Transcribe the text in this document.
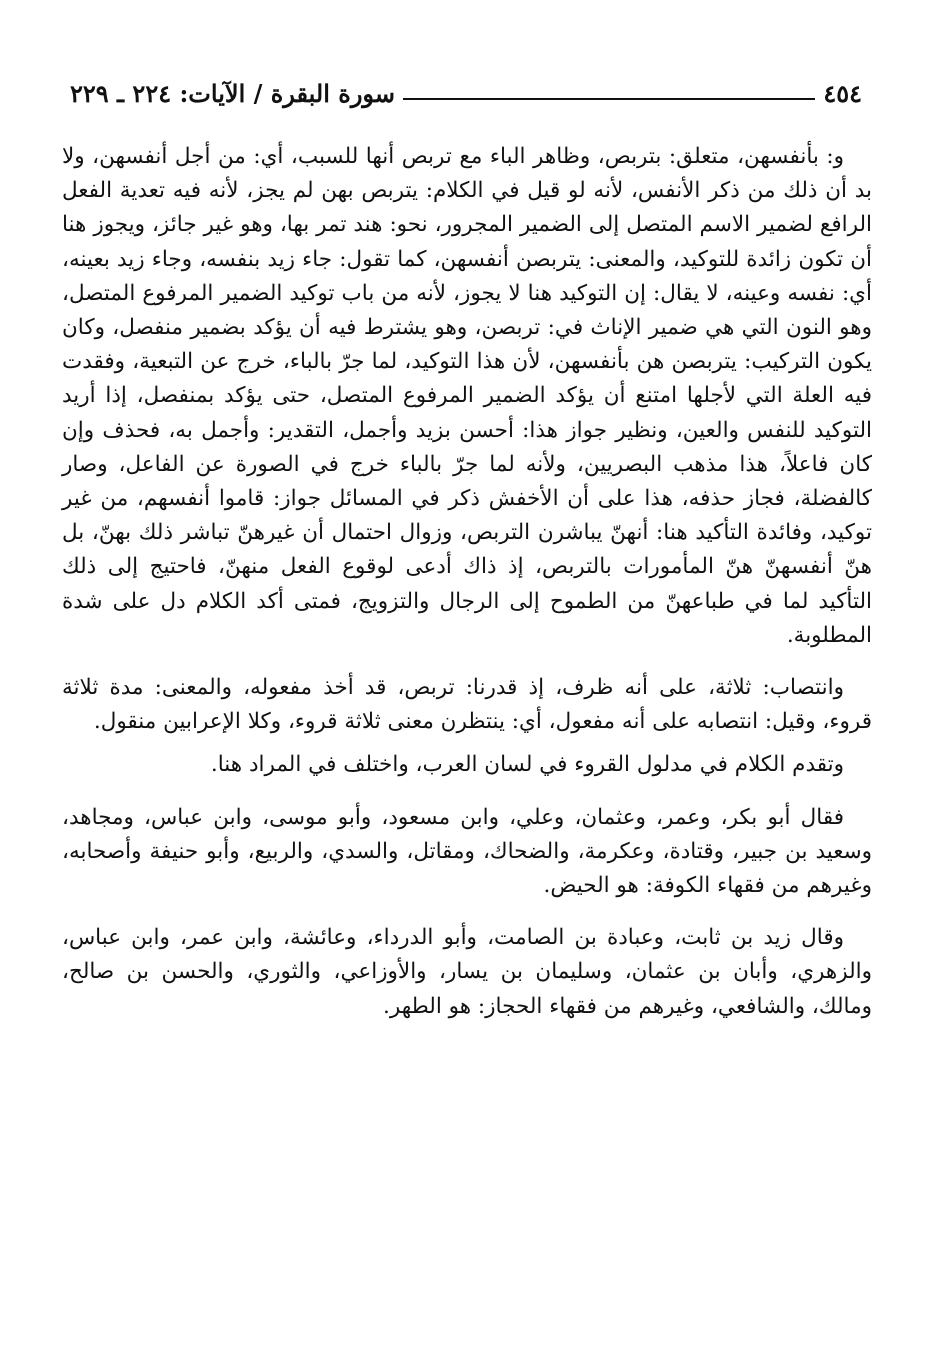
٤٥٤
سورة البقرة / الآيات: ٢٢٤ ـ ٢٢٩

و: بأنفسهن، متعلق: بتربص، وظاهر الباء مع تربص أنها للسبب، أي: من أجل أنفسهن، ولا بد أن ذلك من ذكر الأنفس، لأنه لو قيل في الكلام: يتربص بهن لم يجز، لأنه فيه تعدية الفعل الرافع لضمير الاسم المتصل إلى الضمير المجرور، نحو: هند تمر بها، وهو غير جائز، ويجوز هنا أن تكون زائدة للتوكيد، والمعنى: يتربصن أنفسهن، كما تقول: جاء زيد بنفسه، وجاء زيد بعينه، أي: نفسه وعينه، لا يقال: إن التوكيد هنا لا يجوز، لأنه من باب توكيد الضمير المرفوع المتصل، وهو النون التي هي ضمير الإناث في: تربصن، وهو يشترط فيه أن يؤكد بضمير منفصل، وكان يكون التركيب: يتربصن هن بأنفسهن، لأن هذا التوكيد، لما جرّ بالباء، خرج عن التبعية، وفقدت فيه العلة التي لأجلها امتنع أن يؤكد الضمير المرفوع المتصل، حتى يؤكد بمنفصل، إذا أريد التوكيد للنفس والعين، ونظير جواز هذا: أحسن بزيد وأجمل، التقدير: وأجمل به، فحذف وإن كان فاعلاً، هذا مذهب البصريين، ولأنه لما جرّ بالباء خرج في الصورة عن الفاعل، وصار كالفضلة، فجاز حذفه، هذا على أن الأخفش ذكر في المسائل جواز: قاموا أنفسهم، من غير توكيد، وفائدة التأكيد هنا: أنهنّ يباشرن التربص، وزوال احتمال أن غيرهنّ تباشر ذلك بهنّ، بل هنّ أنفسهنّ هنّ المأمورات بالتربص، إذ ذاك أدعى لوقوع الفعل منهنّ، فاحتيج إلى ذلك التأكيد لما في طباعهنّ من الطموح إلى الرجال والتزويج، فمتى أكد الكلام دل على شدة المطلوبة.

وانتصاب: ثلاثة، على أنه ظرف، إذ قدرنا: تربص، قد أخذ مفعوله، والمعنى: مدة ثلاثة قروء، وقيل: انتصابه على أنه مفعول، أي: ينتظرن معنى ثلاثة قروء، وكلا الإعرابين منقول.

وتقدم الكلام في مدلول القروء في لسان العرب، واختلف في المراد هنا.

فقال أبو بكر، وعمر، وعثمان، وعلي، وابن مسعود، وأبو موسى، وابن عباس، ومجاهد، وسعيد بن جبير، وقتادة، وعكرمة، والضحاك، ومقاتل، والسدي، والربيع، وأبو حنيفة وأصحابه، وغيرهم من فقهاء الكوفة: هو الحيض.

وقال زيد بن ثابت، وعبادة بن الصامت، وأبو الدرداء، وعائشة، وابن عمر، وابن عباس، والزهري، وأبان بن عثمان، وسليمان بن يسار، والأوزاعي، والثوري، والحسن بن صالح، ومالك، والشافعي، وغيرهم من فقهاء الحجاز: هو الطهر.
